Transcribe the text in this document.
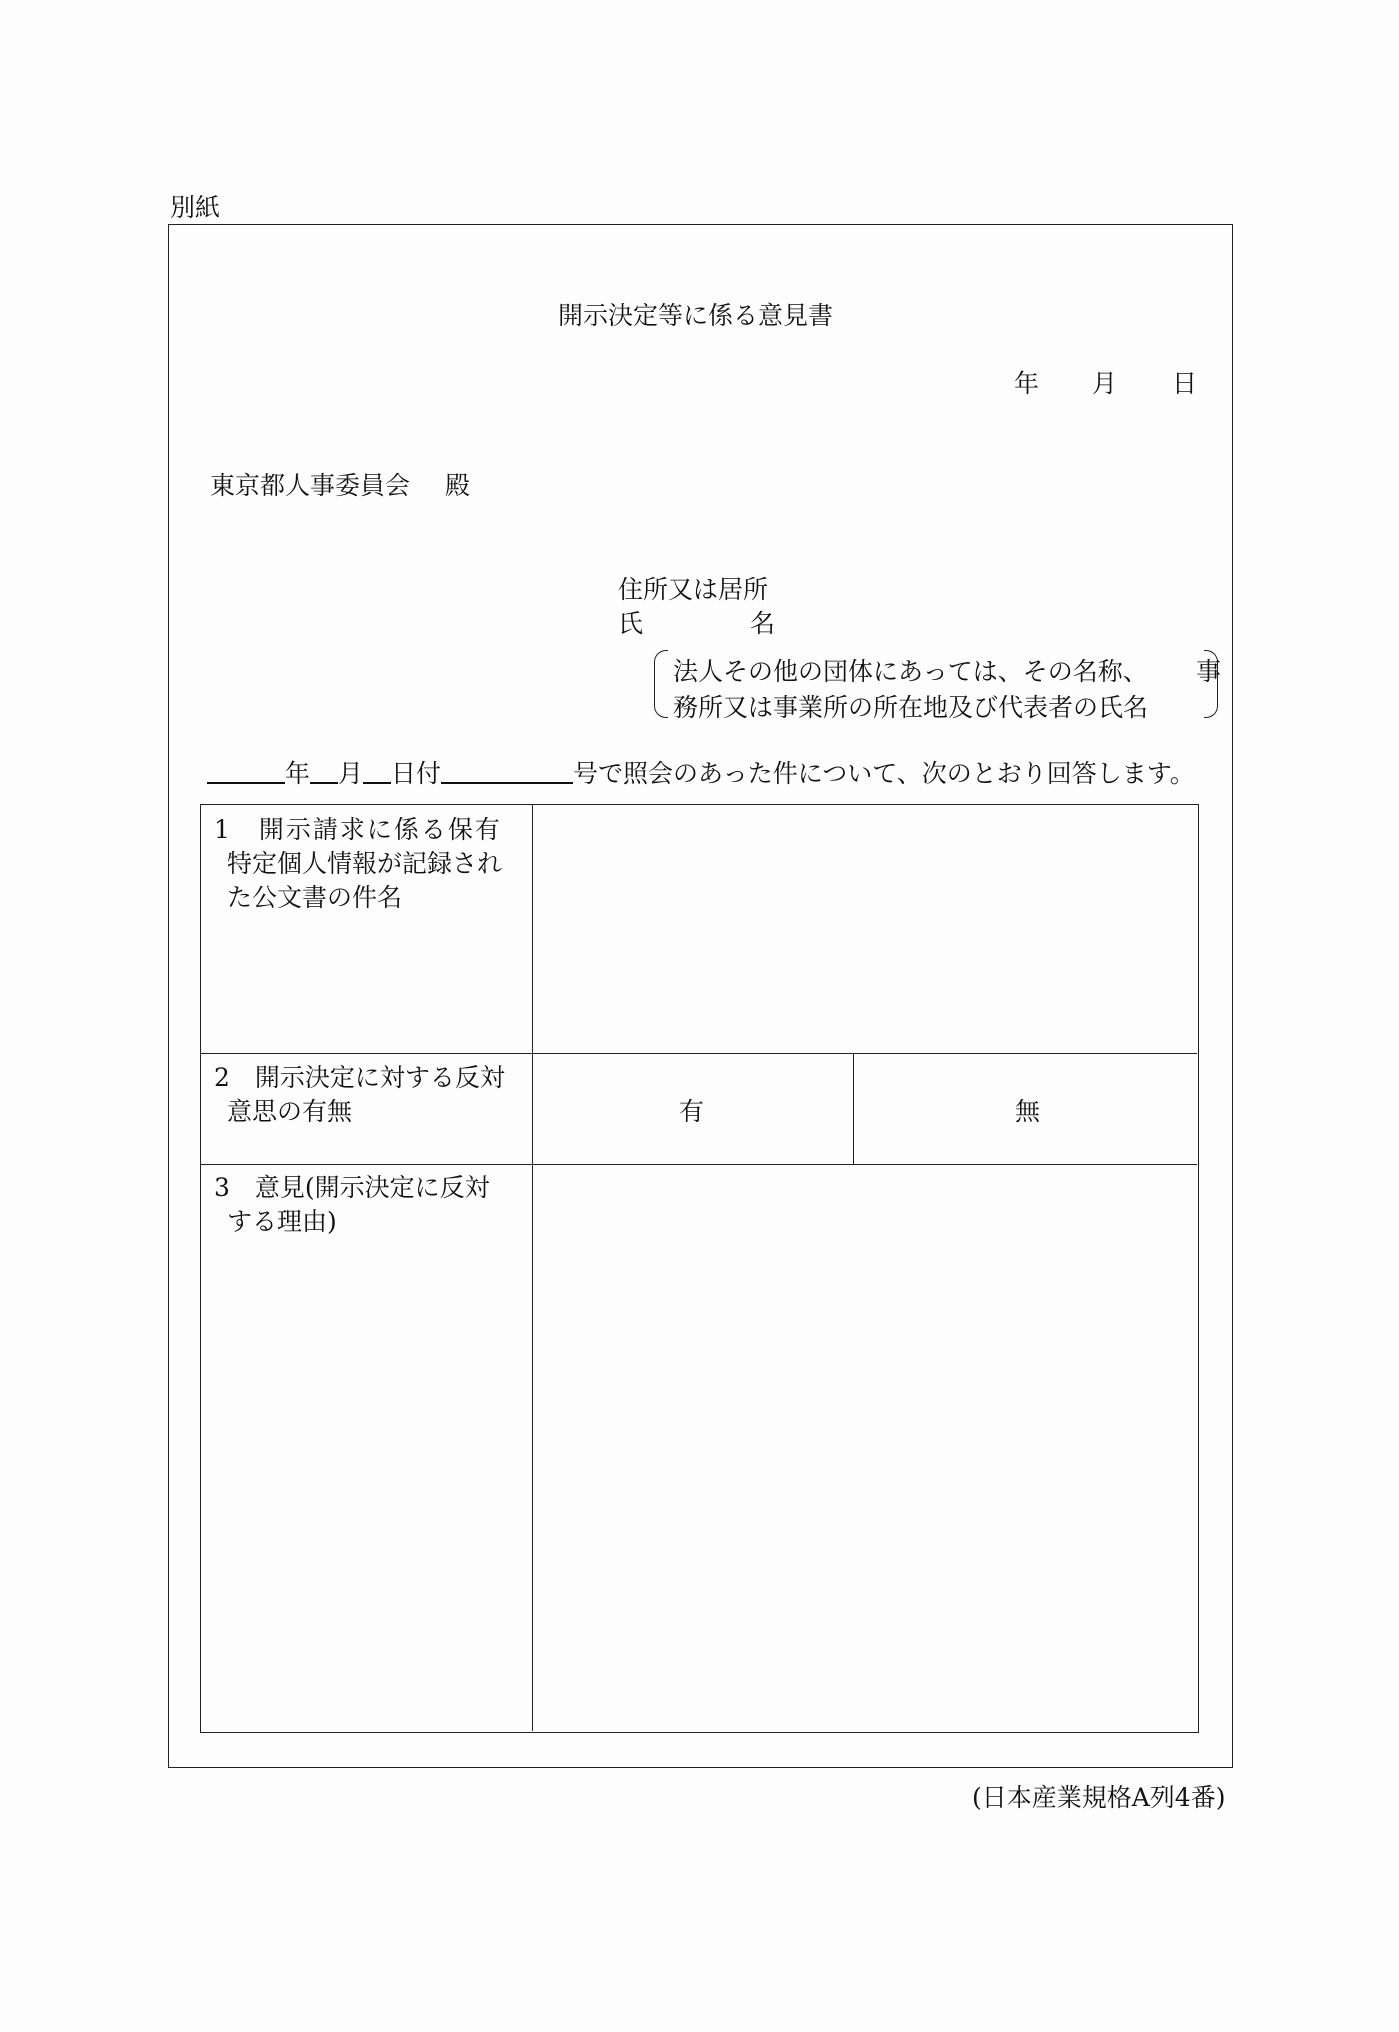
別紙
開示決定等に係る意見書
年 月 日
東京都人事委員会 殿
住所又は居所
氏	名
法人その他の団体にあっては、その名称、 事
務所又は事業所の所在地及び代表者の氏名
年 月 日付	号で照会のあった件について、次のとおり回答します。
1　開示請求に係る保有
特定個人情報が記録され
た公文書の件名
2　開示決定に対する反対
意思の有無	有	無
3　意見(開示決定に反対
する理由)
(日本産業規格A列4番)
